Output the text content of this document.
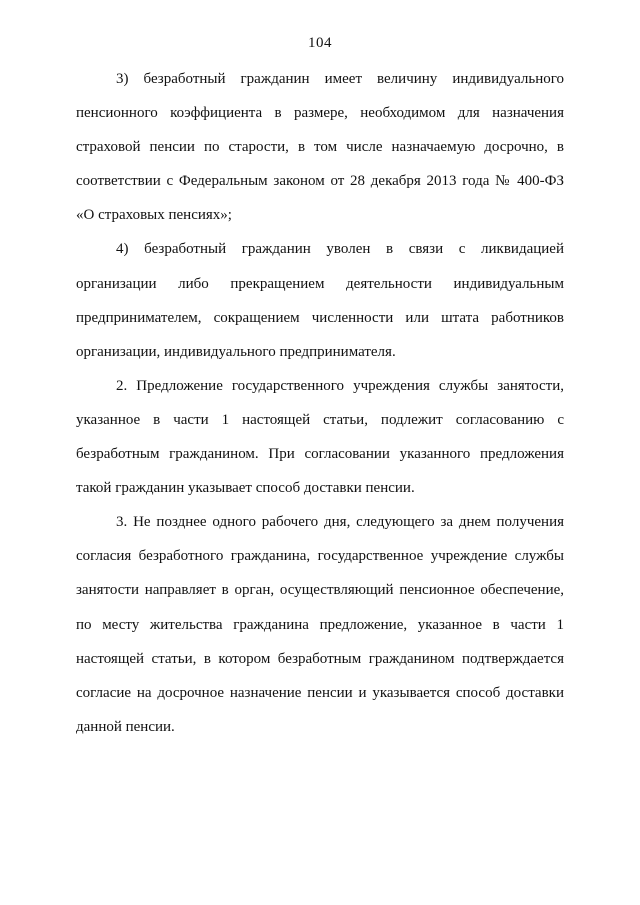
104

3) безработный гражданин имеет величину индивидуального пенсионного коэффициента в размере, необходимом для назначения страховой пенсии по старости, в том числе назначаемую досрочно, в соответствии с Федеральным законом от 28 декабря 2013 года № 400-ФЗ «О страховых пенсиях»;

4) безработный гражданин уволен в связи с ликвидацией организации либо прекращением деятельности индивидуальным предпринимателем, сокращением численности или штата работников организации, индивидуального предпринимателя.

2. Предложение государственного учреждения службы занятости, указанное в части 1 настоящей статьи, подлежит согласованию с безработным гражданином. При согласовании указанного предложения такой гражданин указывает способ доставки пенсии.

3. Не позднее одного рабочего дня, следующего за днем получения согласия безработного гражданина, государственное учреждение службы занятости направляет в орган, осуществляющий пенсионное обеспечение, по месту жительства гражданина предложение, указанное в части 1 настоящей статьи, в котором безработным гражданином подтверждается согласие на досрочное назначение пенсии и указывается способ доставки данной пенсии.
